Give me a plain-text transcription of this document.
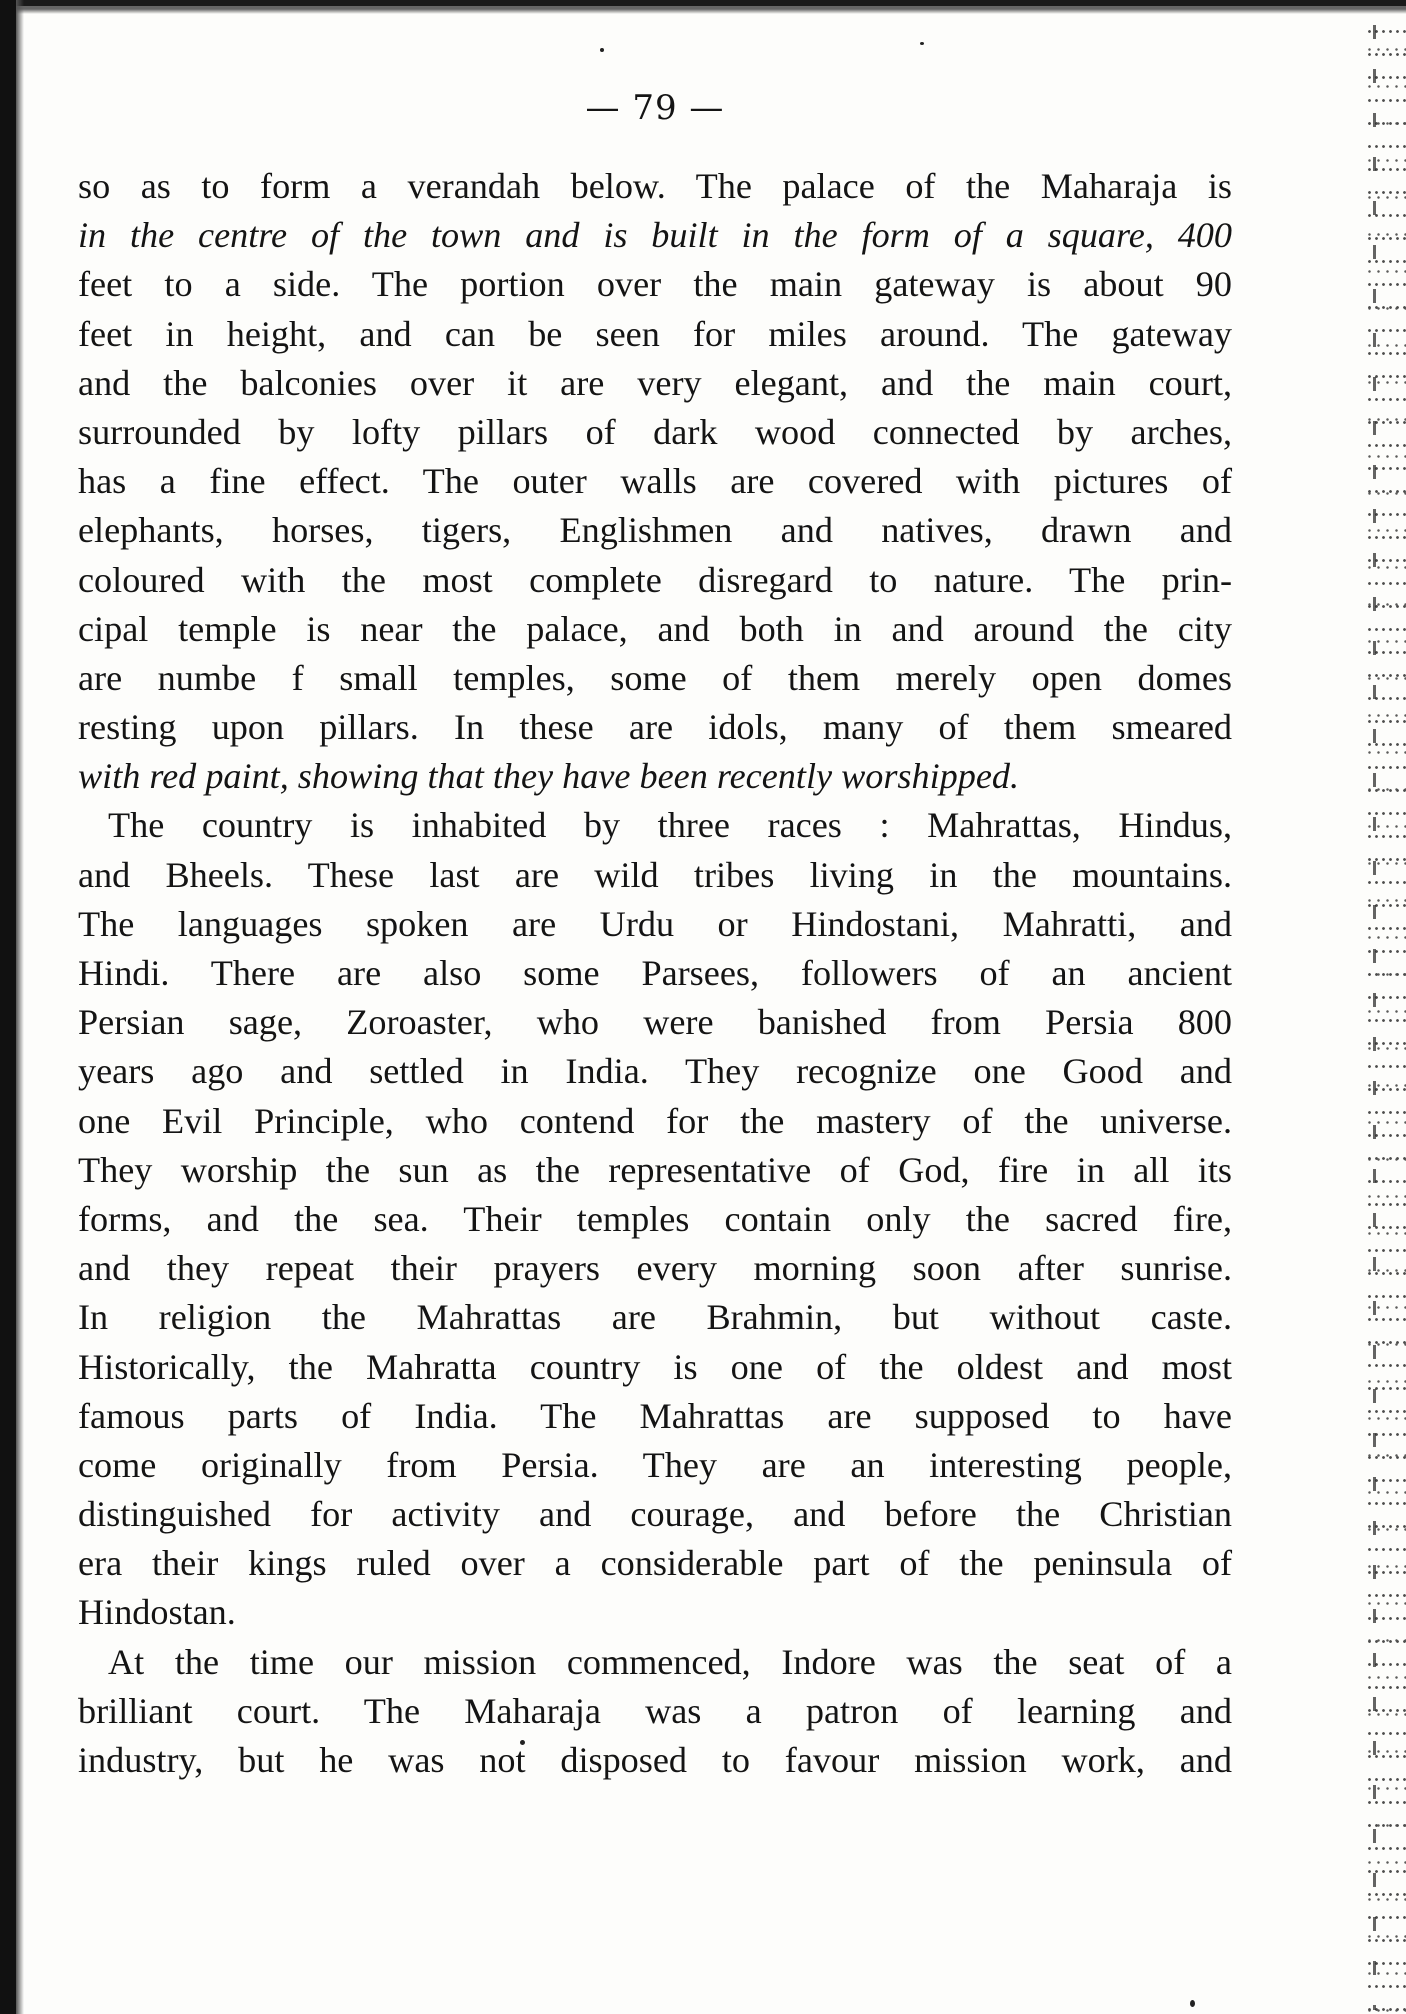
— 79 —
so as to form a verandah below. The palace of the Maharaja is
in the centre of the town and is built in the form of a square, 400
feet to a side. The portion over the main gateway is about 90
feet in height, and can be seen for miles around. The gateway
and the balconies over it are very elegant, and the main court,
surrounded by lofty pillars of dark wood connected by arches,
has a fine effect. The outer walls are covered with pictures of
elephants, horses, tigers, Englishmen and natives, drawn and
coloured with the most complete disregard to nature. The prin-
cipal temple is near the palace, and both in and around the city
are numbe f small temples, some of them merely open domes
resting upon pillars. In these are idols, many of them smeared
with red paint, showing that they have been recently worshipped.
The country is inhabited by three races : Mahrattas, Hindus,
and Bheels. These last are wild tribes living in the mountains.
The languages spoken are Urdu or Hindostani, Mahratti, and
Hindi. There are also some Parsees, followers of an ancient
Persian sage, Zoroaster, who were banished from Persia 800
years ago and settled in India. They recognize one Good and
one Evil Principle, who contend for the mastery of the universe.
They worship the sun as the representative of God, fire in all its
forms, and the sea. Their temples contain only the sacred fire,
and they repeat their prayers every morning soon after sunrise.
In religion the Mahrattas are Brahmin, but without caste.
Historically, the Mahratta country is one of the oldest and most
famous parts of India. The Mahrattas are supposed to have
come originally from Persia. They are an interesting people,
distinguished for activity and courage, and before the Christian
era their kings ruled over a considerable part of the peninsula of
Hindostan.
At the time our mission commenced, Indore was the seat of a
brilliant court. The Maharaja was a patron of learning and
industry, but he was not disposed to favour mission work, and
